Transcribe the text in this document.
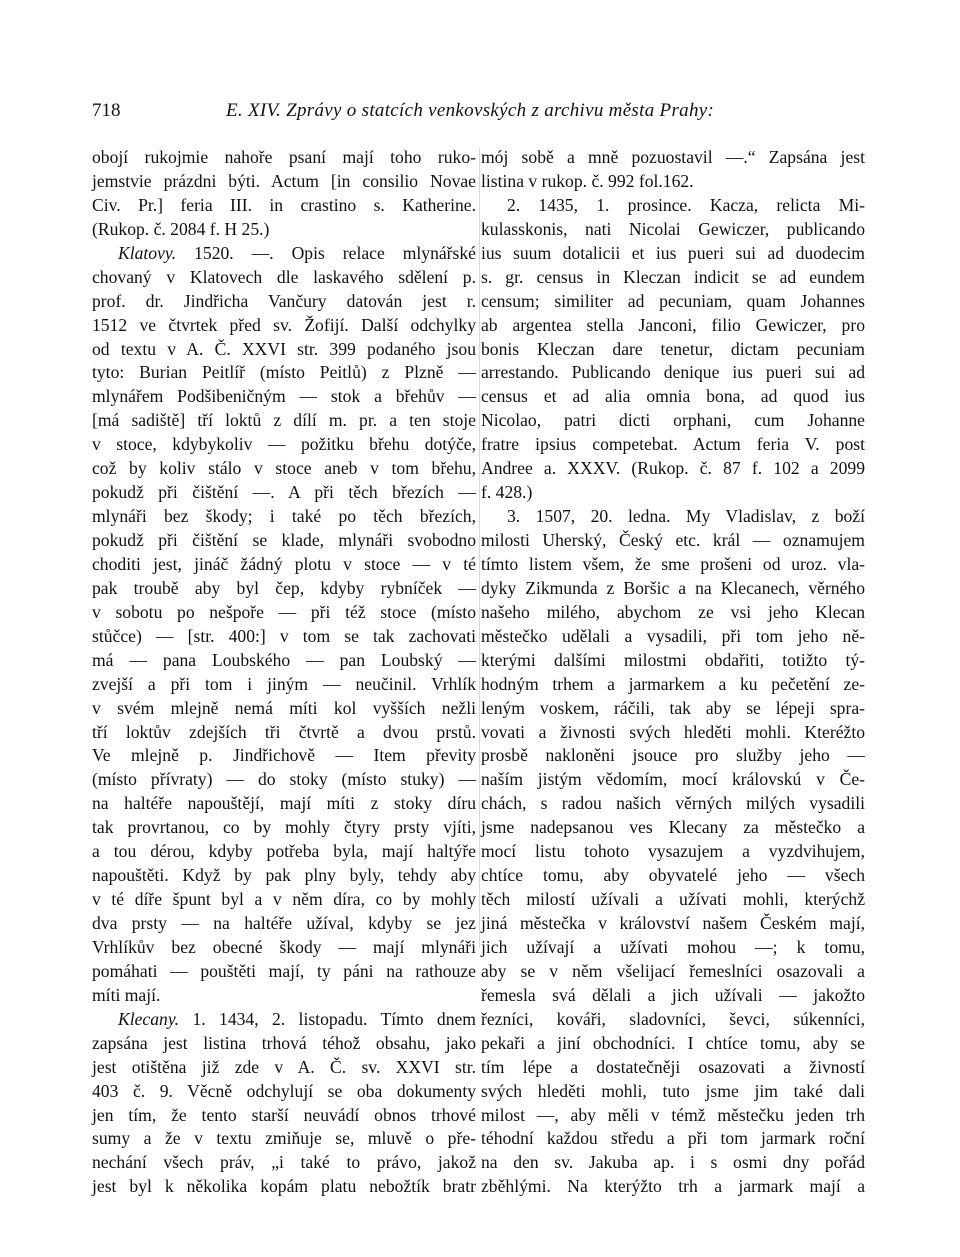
718	E. XIV. Zprávy o statcích venkovských z archivu města Prahy:
obojí rukojmie nahoře psaní mají toho ruko-
jemstvie prázdni býti. Actum [in consilio Novae
Civ. Pr.] feria III. in crastino s. Katherine.
(Rukop. č. 2084 f. H 25.)
Klatovy. 1520. —. Opis relace mlynářské
chovaný v Klatovech dle laskavého sdělení p.
prof. dr. Jindřicha Vančury datován jest r.
1512 ve čtvrtek před sv. Žofijí. Další odchylky
od textu v A. Č. XXVI str. 399 podaného jsou
tyto: Burian Peitlíř (místo Peitlů) z Plzně —
mlynářem Podšibeničným — stok a břehův —
[má sadiště] tří loktů z dílí m. pr. a ten stoje
v stoce, kdybykoliv — požitku břehu dotýče,
což by koliv stálo v stoce aneb v tom břehu,
pokudž při čištění —. A při těch březích —
mlynáři bez škody; i také po těch březích,
pokudž při čištění se klade, mlynáři svobodno
choditi jest, jináč žádný plotu v stoce — v té
pak troubě aby byl čep, kdyby rybníček —
v sobotu po nešpoře — při též stoce (místo
stůčce) — [str. 400:] v tom se tak zachovati
má — pana Loubského — pan Loubský —
zvejší a při tom i jiným — neučinil. Vrhlík
v svém mlejně nemá míti kol vyšších nežli
tří loktův zdejších tři čtvrtě a dvou prstů.
Ve mlejně p. Jindřichově — Item převity
(místo přívraty) — do stoky (místo stuky) —
na haltéře napouštějí, mají míti z stoky díru
tak provrtanou, co by mohly čtyry prsty vjíti,
a tou dérou, kdyby potřeba byla, mají haltýře
napouštěti. Když by pak plny byly, tehdy aby
v té díře špunt byl a v něm díra, co by mohly
dva prsty — na haltéře užíval, kdyby se jez
Vrhlíkův bez obecné škody — mají mlynáři
pomáhati — pouštěti mají, ty páni na rathouze
míti mají.
Klecany. 1. 1434, 2. listopadu. Tímto dnem
zapsána jest listina trhová téhož obsahu, jako
jest otištěna již zde v A. Č. sv. XXVI str.
403 č. 9. Věcně odchylují se oba dokumenty
jen tím, že tento starší neuvádí obnos trhové
sumy a že v textu zmiňuje se, mluvě o pře-
nechání všech práv, „i také to právo, jakož
jest byl k několika kopám platu nebožtík bratr
mój sobě a mně pozuostavil —.“ Zapsána jest
listina v rukop. č. 992 fol.162.
2. 1435, 1. prosince. Kacza, relicta Mi-
kulasskonis, nati Nicolai Gewiczer, publicando
ius suum dotalicii et ius pueri sui ad duodecim
s. gr. census in Kleczan indicit se ad eundem
censum; similiter ad pecuniam, quam Johannes
ab argentea stella Janconi, filio Gewiczer, pro
bonis Kleczan dare tenetur, dictam pecuniam
arrestando. Publicando denique ius pueri sui ad
census et ad alia omnia bona, ad quod ius
Nicolao, patri dicti orphani, cum Johanne
fratre ipsius competebat. Actum feria V. post
Andree a. XXXV. (Rukop. č. 87 f. 102 a 2099
f. 428.)
3. 1507, 20. ledna. My Vladislav, z boží
milosti Uherský, Český etc. král — oznamujem
tímto listem všem, že sme prošeni od uroz. vla-
dyky Zikmunda z Boršic a na Klecanech, věrného
našeho milého, abychom ze vsi jeho Klecan
městečko udělali a vysadili, při tom jeho ně-
kterými dalšími milostmi obdařiti, totižto tý-
hodným trhem a jarmarkem a ku pečetění ze-
leným voskem, ráčili, tak aby se lépeji spra-
vovati a živnosti svých hleděti mohli. Kteréžto
prosbě nakloněni jsouce pro služby jeho —
naším jistým vědomím, mocí královskú v Če-
chách, s radou našich věrných milých vysadili
jsme nadepsanou ves Klecany za městečko a
mocí listu tohoto vysazujem a vyzdvihujem,
chtíce tomu, aby obyvatelé jeho — všech
těch milostí užívali a užívati mohli, kterýchž
jiná městečka v království našem Českém mají,
jich užívají a užívati mohou —; k tomu,
aby se v něm všelijací řemeslníci osazovali a
řemesla svá dělali a jich užívali — jakožto
řezníci, kováři, sladovníci, ševci, súkenníci,
pekaři a jiní obchodníci. I chtíce tomu, aby se
tím lépe a dostatečněji osazovati a živností
svých hleděti mohli, tuto jsme jim také dali
milost —, aby měli v témž městečku jeden trh
téhodní každou středu a při tom jarmark roční
na den sv. Jakuba ap. i s osmi dny pořád
zběhlými. Na kterýžto trh a jarmark mají a
